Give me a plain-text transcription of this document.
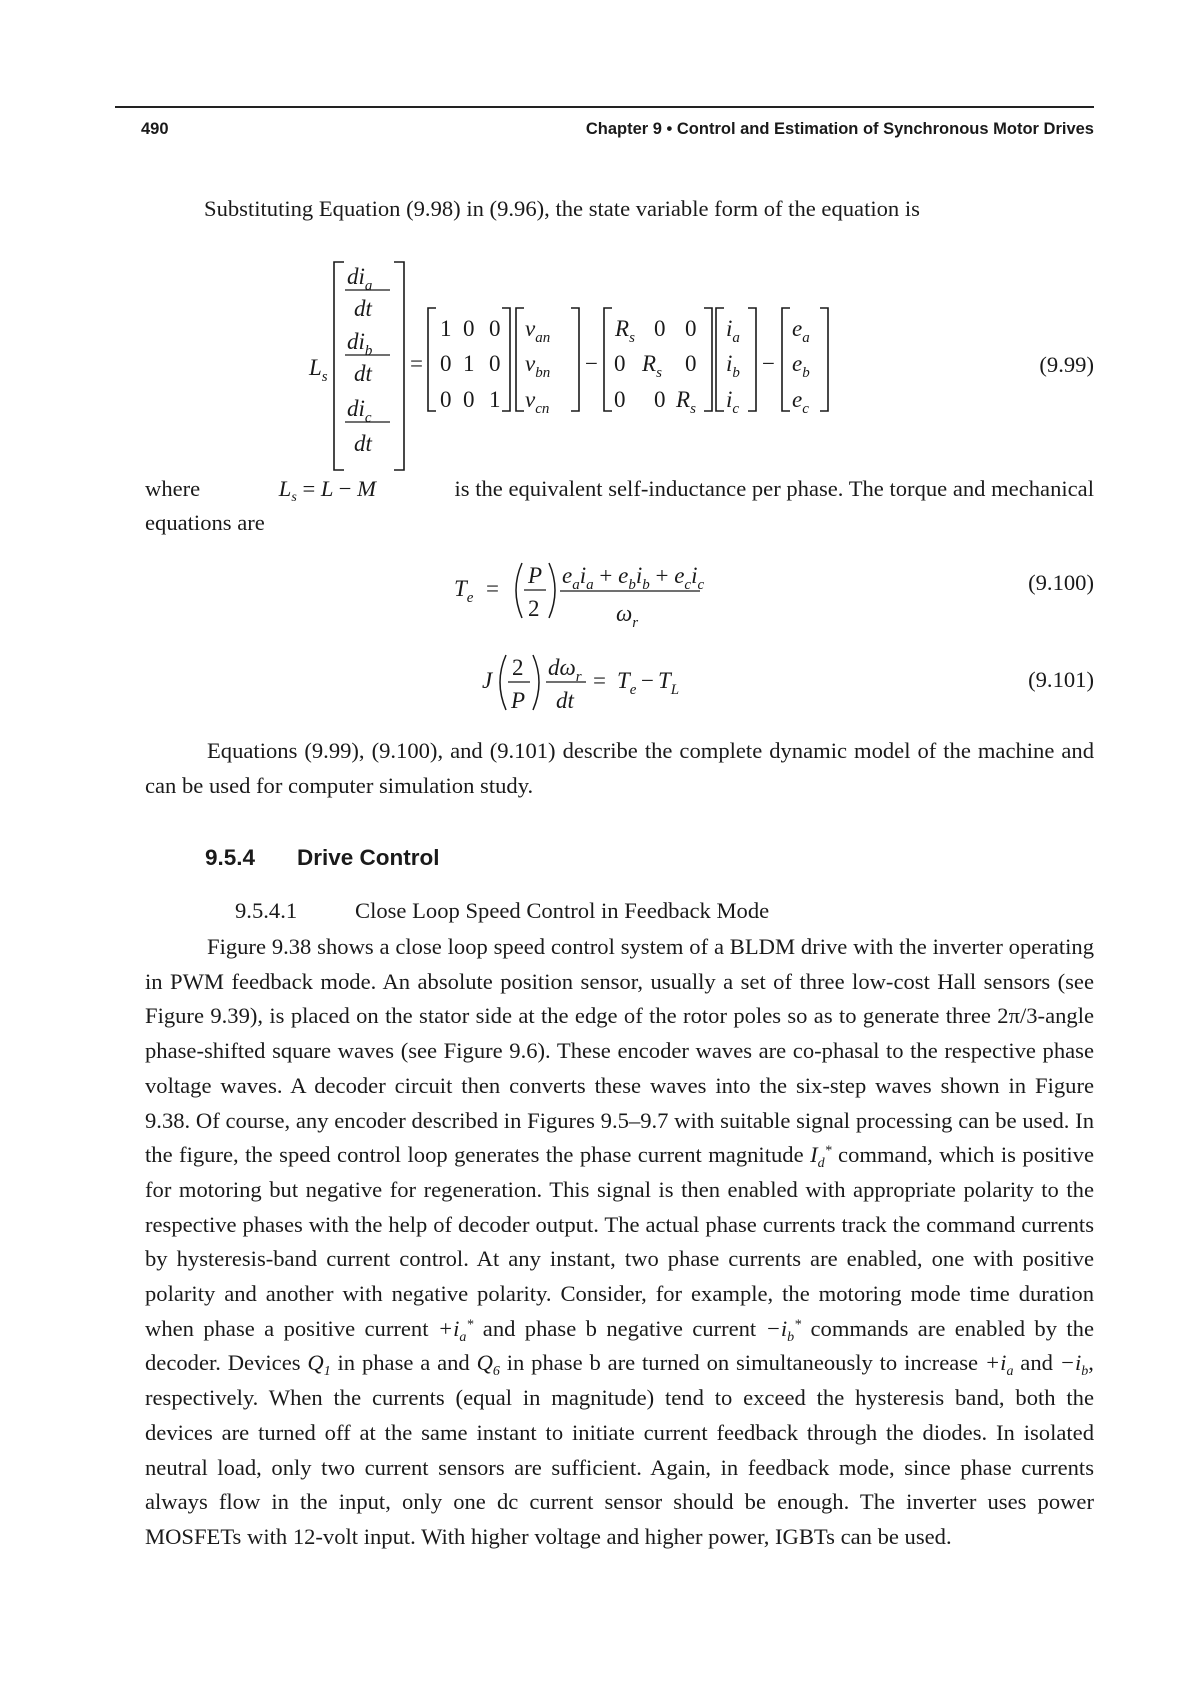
490	Chapter 9 • Control and Estimation of Synchronous Motor Drives
Substituting Equation (9.98) in (9.96), the state variable form of the equation is
$L_s$
$di_a$
dt
$di_b$
dt
$di_c$
dt
=
1 0 0
0 1 0
0 0 1
$v_{an}$
$v_{bn}$
$v_{cn}$
−
$R_s$ 0 0
0 $R_s$ 0
0 0 $R_s$
$i_a$
$i_b$
$i_c$
−
$e_a$
$e_b$
$e_c$
(9.99)
where	$L_s = L - M$	is the equivalent self-inductance per phase. The torque and mechanical
equations are
$T_e$ =
P
2
$e_ai_a + e_bi_b + e_ci_c$
$\omega_r$
(9.100)
J
2
P
$d\omega_r$
dt
= $T_e - T_L$	(9.101)
Equations (9.99), (9.100), and (9.101) describe the complete dynamic model of the machine and can be used for computer simulation study.
9.5.4 Drive Control
9.5.4.1	Close Loop Speed Control in Feedback Mode
Figure 9.38 shows a close loop speed control system of a BLDM drive with the inverter operating in PWM feedback mode. An absolute position sensor, usually a set of three low-cost Hall sensors (see Figure 9.39), is placed on the stator side at the edge of the rotor poles so as to generate three 2π/3-angle phase-shifted square waves (see Figure 9.6). These encoder waves are co-phasal to the respective phase voltage waves. A decoder circuit then converts these waves into the six-step waves shown in Figure 9.38. Of course, any encoder described in Figures 9.5–9.7 with suitable signal processing can be used. In the figure, the speed control loop generates the phase current magnitude $I_d^*$ command, which is positive for motoring but negative for regeneration. This signal is then enabled with appropriate polarity to the respective phases with the help of decoder output. The actual phase currents track the command currents by hysteresis-band current control. At any instant, two phase currents are enabled, one with positive polarity and another with negative polarity. Consider, for example, the motoring mode time duration when phase a positive current $+i_a^*$ and phase b negative current $-i_b^*$ commands are enabled by the decoder. Devices $Q_1$ in phase a and $Q_6$ in phase b are turned on simultaneously to increase $+i_a$ and $-i_b$, respectively. When the currents (equal in magnitude) tend to exceed the hysteresis band, both the devices are turned off at the same instant to initiate current feedback through the diodes. In isolated neutral load, only two current sensors are sufficient. Again, in feedback mode, since phase currents always flow in the input, only one dc current sensor should be enough. The inverter uses power MOSFETs with 12-volt input. With higher voltage and higher power, IGBTs can be used.
